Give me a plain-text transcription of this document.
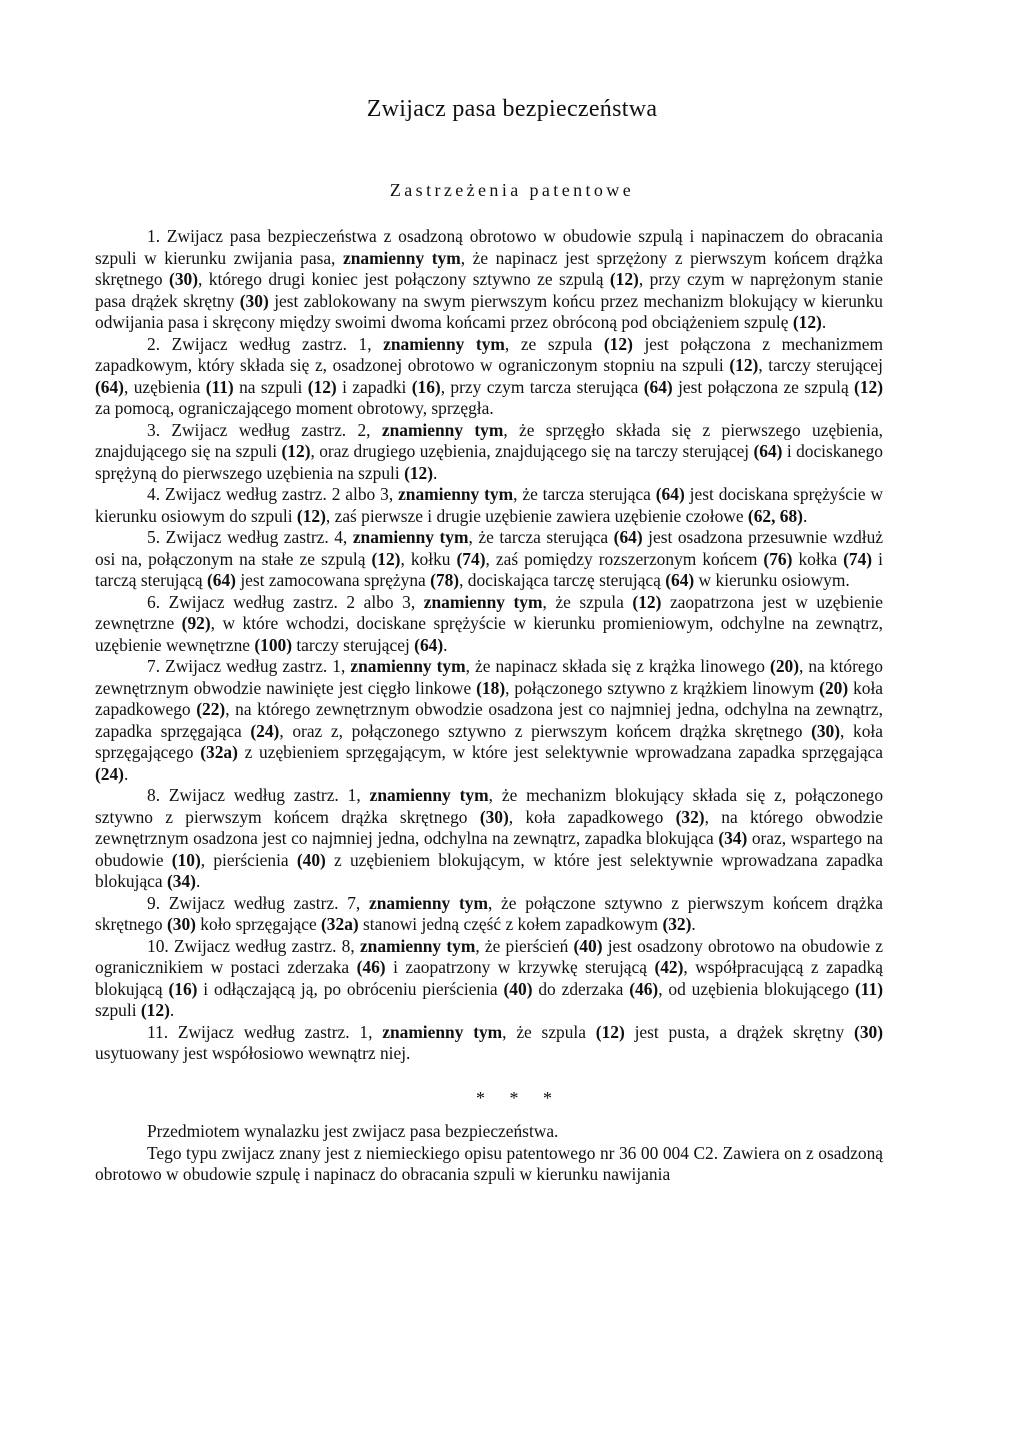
Zwijacz pasa bezpieczeństwa
Zastrzeżenia patentowe
1. Zwijacz pasa bezpieczeństwa z osadzoną obrotowo w obudowie szpulą i napinaczem do obracania szpuli w kierunku zwijania pasa, znamienny tym, że napinacz jest sprzężony z pierwszym końcem drążka skrętnego (30), którego drugi koniec jest połączony sztywno ze szpulą (12), przy czym w naprężonym stanie pasa drążek skrętny (30) jest zablokowany na swym pierwszym końcu przez mechanizm blokujący w kierunku odwijania pasa i skręcony między swoimi dwoma końcami przez obróconą pod obciążeniem szpulę (12).
2. Zwijacz według zastrz. 1, znamienny tym, ze szpula (12) jest połączona z mechanizmem zapadkowym, który składa się z, osadzonej obrotowo w ograniczonym stopniu na szpuli (12), tarczy sterującej (64), uzębienia (11) na szpuli (12) i zapadki (16), przy czym tarcza sterująca (64) jest połączona ze szpulą (12) za pomocą, ograniczającego moment obrotowy, sprzęgła.
3. Zwijacz według zastrz. 2, znamienny tym, że sprzęgło składa się z pierwszego uzębienia, znajdującego się na szpuli (12), oraz drugiego uzębienia, znajdującego się na tarczy sterującej (64) i dociskanego sprężyną do pierwszego uzębienia na szpuli (12).
4. Zwijacz według zastrz. 2 albo 3, znamienny tym, że tarcza sterująca (64) jest dociskana sprężyście w kierunku osiowym do szpuli (12), zaś pierwsze i drugie uzębienie zawiera uzębienie czołowe (62, 68).
5. Zwijacz według zastrz. 4, znamienny tym, że tarcza sterująca (64) jest osadzona przesuwnie wzdłuż osi na, połączonym na stałe ze szpulą (12), kołku (74), zaś pomiędzy rozszerzonym końcem (76) kołka (74) i tarczą sterującą (64) jest zamocowana sprężyna (78), dociskająca tarczę sterującą (64) w kierunku osiowym.
6. Zwijacz według zastrz. 2 albo 3, znamienny tym, że szpula (12) zaopatrzona jest w uzębienie zewnętrzne (92), w które wchodzi, dociskane sprężyście w kierunku promieniowym, odchylne na zewnątrz, uzębienie wewnętrzne (100) tarczy sterującej (64).
7. Zwijacz według zastrz. 1, znamienny tym, że napinacz składa się z krążka linowego (20), na którego zewnętrznym obwodzie nawinięte jest cięgło linkowe (18), połączonego sztywno z krążkiem linowym (20) koła zapadkowego (22), na którego zewnętrznym obwodzie osadzona jest co najmniej jedna, odchylna na zewnątrz, zapadka sprzęgająca (24), oraz z, połączonego sztywno z pierwszym końcem drążka skrętnego (30), koła sprzęgającego (32a) z uzębieniem sprzęgającym, w które jest selektywnie wprowadzana zapadka sprzęgająca (24).
8. Zwijacz według zastrz. 1, znamienny tym, że mechanizm blokujący składa się z, połączonego sztywno z pierwszym końcem drążka skrętnego (30), koła zapadkowego (32), na którego obwodzie zewnętrznym osadzona jest co najmniej jedna, odchylna na zewnątrz, zapadka blokująca (34) oraz, wspartego na obudowie (10), pierścienia (40) z uzębieniem blokującym, w które jest selektywnie wprowadzana zapadka blokująca (34).
9. Zwijacz według zastrz. 7, znamienny tym, że połączone sztywno z pierwszym końcem drążka skrętnego (30) koło sprzęgające (32a) stanowi jedną część z kołem zapadkowym (32).
10. Zwijacz według zastrz. 8, znamienny tym, że pierścień (40) jest osadzony obrotowo na obudowie z ogranicznikiem w postaci zderzaka (46) i zaopatrzony w krzywkę sterującą (42), współpracującą z zapadką blokującą (16) i odłączającą ją, po obróceniu pierścienia (40) do zderzaka (46), od uzębienia blokującego (11) szpuli (12).
11. Zwijacz według zastrz. 1, znamienny tym, że szpula (12) jest pusta, a drążek skrętny (30) usytuowany jest współosiowo wewnątrz niej.
* * *
Przedmiotem wynalazku jest zwijacz pasa bezpieczeństwa.
Tego typu zwijacz znany jest z niemieckiego opisu patentowego nr 36 00 004 C2. Zawiera on z osadzoną obrotowo w obudowie szpulę i napinacz do obracania szpuli w kierunku nawijania
